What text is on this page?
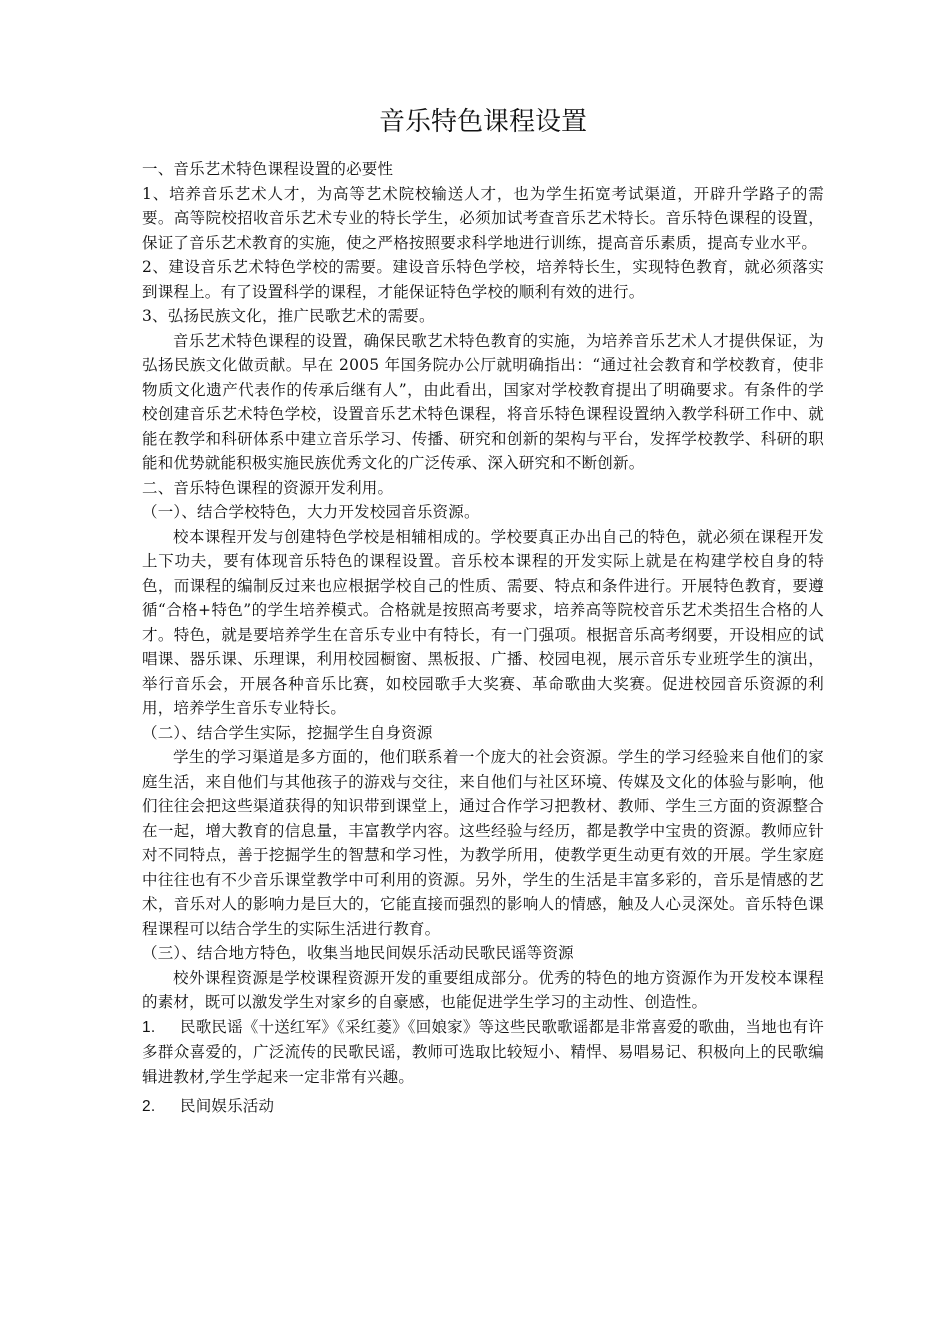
音乐特色课程设置

一、音乐艺术特色课程设置的必要性

1、培养音乐艺术人才，为高等艺术院校输送人才，也为学生拓宽考试渠道，开辟升学路子的需要。高等院校招收音乐艺术专业的特长学生，必须加试考查音乐艺术特长。音乐特色课程的设置，保证了音乐艺术教育的实施，使之严格按照要求科学地进行训练，提高音乐素质，提高专业水平。

2、建设音乐艺术特色学校的需要。建设音乐特色学校，培养特长生，实现特色教育，就必须落实到课程上。有了设置科学的课程，才能保证特色学校的顺利有效的进行。

3、弘扬民族文化，推广民歌艺术的需要。

音乐艺术特色课程的设置，确保民歌艺术特色教育的实施，为培养音乐艺术人才提供保证，为弘扬民族文化做贡献。早在 2005 年国务院办公厅就明确指出：“通过社会教育和学校教育，使非物质文化遗产代表作的传承后继有人”，由此看出，国家对学校教育提出了明确要求。有条件的学校创建音乐艺术特色学校，设置音乐艺术特色课程，将音乐特色课程设置纳入教学科研工作中、就能在教学和科研体系中建立音乐学习、传播、研究和创新的架构与平台，发挥学校教学、科研的职能和优势就能积极实施民族优秀文化的广泛传承、深入研究和不断创新。

二、音乐特色课程的资源开发利用。

（一）、结合学校特色，大力开发校园音乐资源。

校本课程开发与创建特色学校是相辅相成的。学校要真正办出自己的特色，就必须在课程开发上下功夫，要有体现音乐特色的课程设置。音乐校本课程的开发实际上就是在构建学校自身的特色，而课程的编制反过来也应根据学校自己的性质、需要、特点和条件进行。开展特色教育，要遵循“合格+特色”的学生培养模式。合格就是按照高考要求，培养高等院校音乐艺术类招生合格的人才。特色，就是要培养学生在音乐专业中有特长，有一门强项。根据音乐高考纲要，开设相应的试唱课、器乐课、乐理课，利用校园橱窗、黑板报、广播、校园电视，展示音乐专业班学生的演出，举行音乐会，开展各种音乐比赛，如校园歌手大奖赛、革命歌曲大奖赛。促进校园音乐资源的利用，培养学生音乐专业特长。

（二）、结合学生实际，挖掘学生自身资源

学生的学习渠道是多方面的，他们联系着一个庞大的社会资源。学生的学习经验来自他们的家庭生活，来自他们与其他孩子的游戏与交往，来自他们与社区环境、传媒及文化的体验与影响，他们往往会把这些渠道获得的知识带到课堂上，通过合作学习把教材、教师、学生三方面的资源整合在一起，增大教育的信息量，丰富教学内容。这些经验与经历，都是教学中宝贵的资源。教师应针对不同特点，善于挖掘学生的智慧和学习性，为教学所用，使教学更生动更有效的开展。学生家庭中往往也有不少音乐课堂教学中可利用的资源。另外，学生的生活是丰富多彩的，音乐是情感的艺术，音乐对人的影响力是巨大的，它能直接而强烈的影响人的情感，触及人心灵深处。音乐特色课程课程可以结合学生的实际生活进行教育。

（三）、结合地方特色，收集当地民间娱乐活动民歌民谣等资源

校外课程资源是学校课程资源开发的重要组成部分。优秀的特色的地方资源作为开发校本课程的素材，既可以激发学生对家乡的自豪感，也能促进学生学习的主动性、创造性。

1. 民歌民谣《十送红军》《采红菱》《回娘家》等这些民歌歌谣都是非常喜爱的歌曲，当地也有许多群众喜爱的，广泛流传的民歌民谣，教师可选取比较短小、精悍、易唱易记、积极向上的民歌编辑进教材,学生学起来一定非常有兴趣。

2. 民间娱乐活动
